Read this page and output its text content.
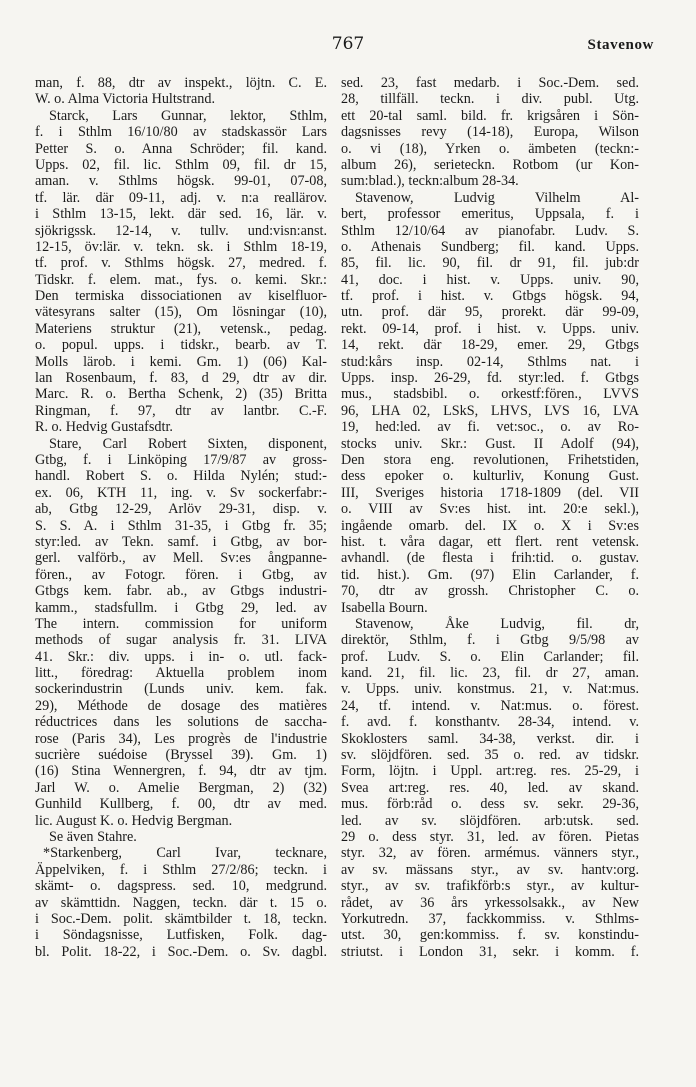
767	Stavenow
man, f. 88, dtr av inspekt., löjtn. C. E.
W. o. Alma Victoria Hultstrand.
Starck, Lars Gunnar, lektor, Sthlm,
f. i Sthlm 16/10/80 av stadskassör Lars
Petter S. o. Anna Schröder; fil. kand.
Upps. 02, fil. lic. Sthlm 09, fil. dr 15,
aman. v. Sthlms högsk. 99-01, 07-08,
tf. lär. där 09-11, adj. v. n:a reallärov.
i Sthlm 13-15, lekt. där sed. 16, lär. v.
sjökrigssk. 12-14, v. tullv. und:visn:anst.
12-15, öv:lär. v. tekn. sk. i Sthlm 18-19,
tf. prof. v. Sthlms högsk. 27, medred. f.
Tidskr. f. elem. mat., fys. o. kemi. Skr.:
Den termiska dissociationen av kiselfluor-
vätesyrans salter (15), Om lösningar (10),
Materiens struktur (21), vetensk., pedag.
o. popul. upps. i tidskr., bearb. av T.
Molls lärob. i kemi. Gm. 1) (06) Kal-
lan Rosenbaum, f. 83, d 29, dtr av dir.
Marc. R. o. Bertha Schenk, 2) (35) Britta
Ringman, f. 97, dtr av lantbr. C.-F.
R. o. Hedvig Gustafsdtr.
Stare, Carl Robert Sixten, disponent,
Gtbg, f. i Linköping 17/9/87 av gross-
handl. Robert S. o. Hilda Nylén; stud:-
ex. 06, KTH 11, ing. v. Sv sockerfabr:-
ab, Gtbg 12-29, Arlöv 29-31, disp. v.
S. S. A. i Sthlm 31-35, i Gtbg fr. 35;
styr:led. av Tekn. samf. i Gtbg, av bor-
gerl. valförb., av Mell. Sv:es ångpanne-
fören., av Fotogr. fören. i Gtbg, av
Gtbgs kem. fabr. ab., av Gtbgs industri-
kamm., stadsfullm. i Gtbg 29, led. av
The intern. commission for uniform
methods of sugar analysis fr. 31. LIVA
41. Skr.: div. upps. i in- o. utl. fack-
litt., föredrag: Aktuella problem inom
sockerindustrin (Lunds univ. kem. fak.
29), Méthode de dosage des matières
réductrices dans les solutions de saccha-
rose (Paris 34), Les progrès de l'industrie
sucrière suédoise (Bryssel 39). Gm. 1)
(16) Stina Wennergren, f. 94, dtr av tjm.
Jarl W. o. Amelie Bergman, 2) (32)
Gunhild Kullberg, f. 00, dtr av med.
lic. August K. o. Hedvig Bergman.
Se även Stahre.
*Starkenberg, Carl Ivar, tecknare,
Äppelviken, f. i Sthlm 27/2/86; teckn. i
skämt- o. dagspress. sed. 10, medgrund.
av skämttidn. Naggen, teckn. där t. 15 o.
i Soc.-Dem. polit. skämtbilder t. 18, teckn.
i Söndagsnisse, Lutfisken, Folk. dag-
bl. Polit. 18-22, i Soc.-Dem. o. Sv. dagbl.
sed. 23, fast medarb. i Soc.-Dem. sed.
28, tillfäll. teckn. i div. publ. Utg.
ett 20-tal saml. bild. fr. krigsåren i Sön-
dagsnisses revy (14-18), Europa, Wilson
o. vi (18), Yrken o. ämbeten (teckn:-
album 26), serieteckn. Rotbom (ur Kon-
sum:blad.), teckn:album 28-34.
Stavenow, Ludvig Vilhelm Al-
bert, professor emeritus, Uppsala, f. i
Sthlm 12/10/64 av pianofabr. Ludv. S.
o. Athenais Sundberg; fil. kand. Upps.
85, fil. lic. 90, fil. dr 91, fil. jub:dr
41, doc. i hist. v. Upps. univ. 90,
tf. prof. i hist. v. Gtbgs högsk. 94,
utn. prof. där 95, prorekt. där 99-09,
rekt. 09-14, prof. i hist. v. Upps. univ.
14, rekt. där 18-29, emer. 29, Gtbgs
stud:kårs insp. 02-14, Sthlms nat. i
Upps. insp. 26-29, fd. styr:led. f. Gtbgs
mus., stadsbibl. o. orkestf:fören., LVVS
96, LHA 02, LSkS, LHVS, LVS 16, LVA
19, hed:led. av fi. vet:soc., o. av Ro-
stocks univ. Skr.: Gust. II Adolf (94),
Den stora eng. revolutionen, Frihetstiden,
dess epoker o. kulturliv, Konung Gust.
III, Sveriges historia 1718-1809 (del. VII
o. VIII av Sv:es hist. int. 20:e sekl.),
ingående omarb. del. IX o. X i Sv:es
hist. t. våra dagar, ett flert. rent vetensk.
avhandl. (de flesta i frih:tid. o. gustav.
tid. hist.). Gm. (97) Elin Carlander, f.
70, dtr av grossh. Christopher C. o.
Isabella Bourn.
Stavenow, Åke Ludvig, fil. dr,
direktör, Sthlm, f. i Gtbg 9/5/98 av
prof. Ludv. S. o. Elin Carlander; fil.
kand. 21, fil. lic. 23, fil. dr 27, aman.
v. Upps. univ. konstmus. 21, v. Nat:mus.
24, tf. intend. v. Nat:mus. o. förest.
f. avd. f. konsthantv. 28-34, intend. v.
Skoklosters saml. 34-38, verkst. dir. i
sv. slöjdfören. sed. 35 o. red. av tidskr.
Form, löjtn. i Uppl. art:reg. res. 25-29, i
Svea art:reg. res. 40, led. av skand.
mus. förb:råd o. dess sv. sekr. 29-36,
led. av sv. slöjdfören. arb:utsk. sed.
29 o. dess styr. 31, led. av fören. Pietas
styr. 32, av fören. armémus. vänners styr.,
av sv. mässans styr., av sv. hantv:org.
styr., av sv. trafikförb:s styr., av kultur-
rådet, av 36 års yrkessolsakk., av New
Yorkutredn. 37, fackkommiss. v. Sthlms-
utst. 30, gen:kommiss. f. sv. konstindu-
striutst. i London 31, sekr. i komm. f.
